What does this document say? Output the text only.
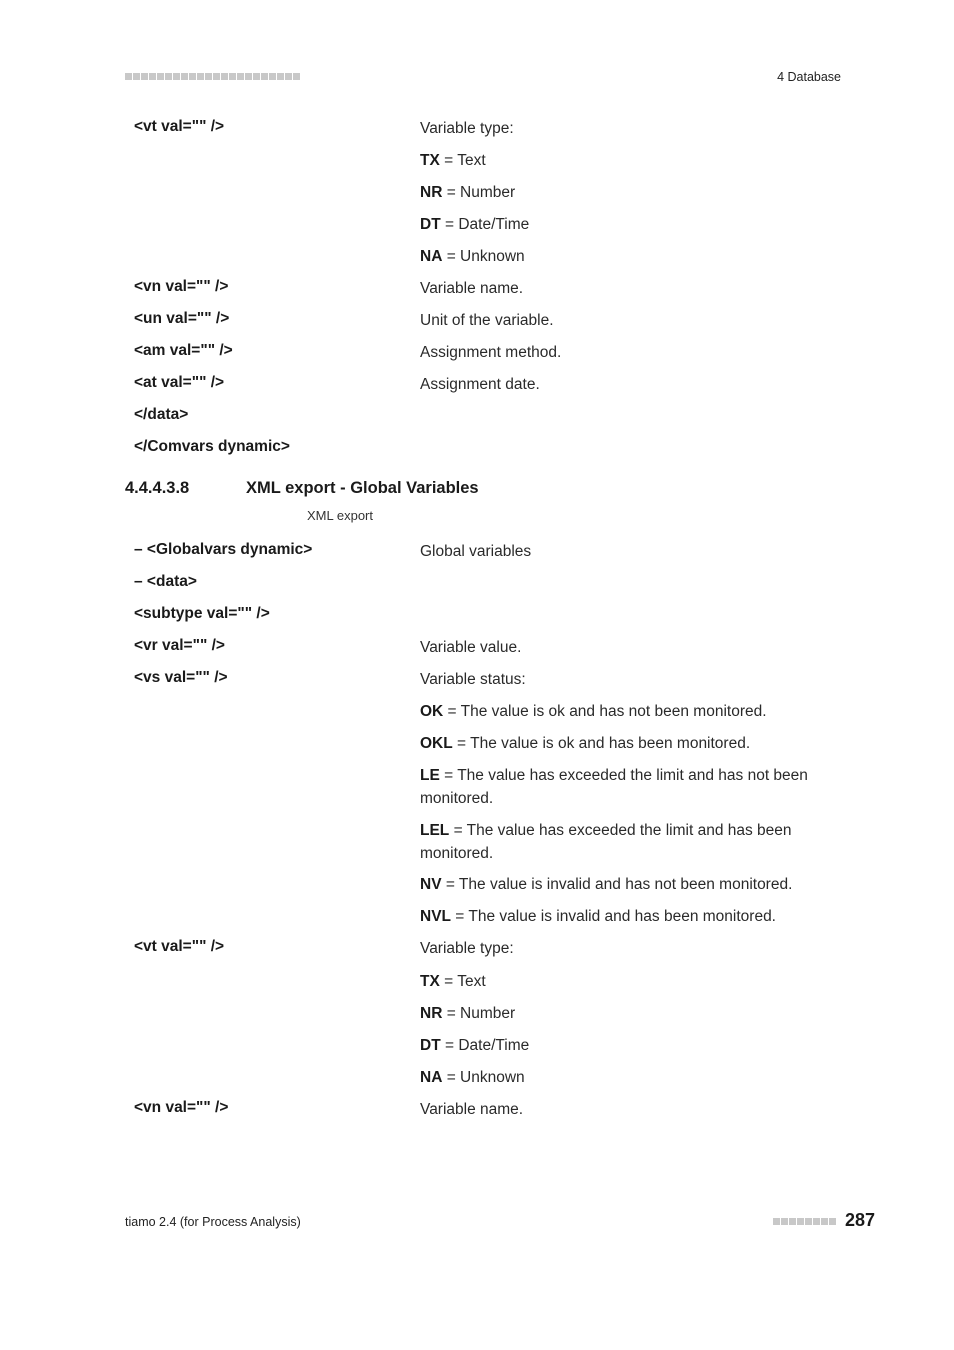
4 Database
<vt val="" />	Variable type:
TX = Text
NR = Number
DT = Date/Time
NA = Unknown
<vn val="" />	Variable name.
<un val="" />	Unit of the variable.
<am val="" />	Assignment method.
<at val="" />	Assignment date.
</data>
</Comvars dynamic>
4.4.4.3.8	XML export - Global Variables
XML export
– <Globalvars dynamic>	Global variables
– <data>
<subtype val="" />
<vr val="" />	Variable value.
<vs val="" />	Variable status:
OK = The value is ok and has not been monitored.
OKL = The value is ok and has been monitored.
LE = The value has exceeded the limit and has not been monitored.
LEL = The value has exceeded the limit and has been monitored.
NV = The value is invalid and has not been monitored.
NVL = The value is invalid and has been monitored.
<vt val="" />	Variable type:
TX = Text
NR = Number
DT = Date/Time
NA = Unknown
<vn val="" />	Variable name.
tiamo 2.4 (for Process Analysis)	287
